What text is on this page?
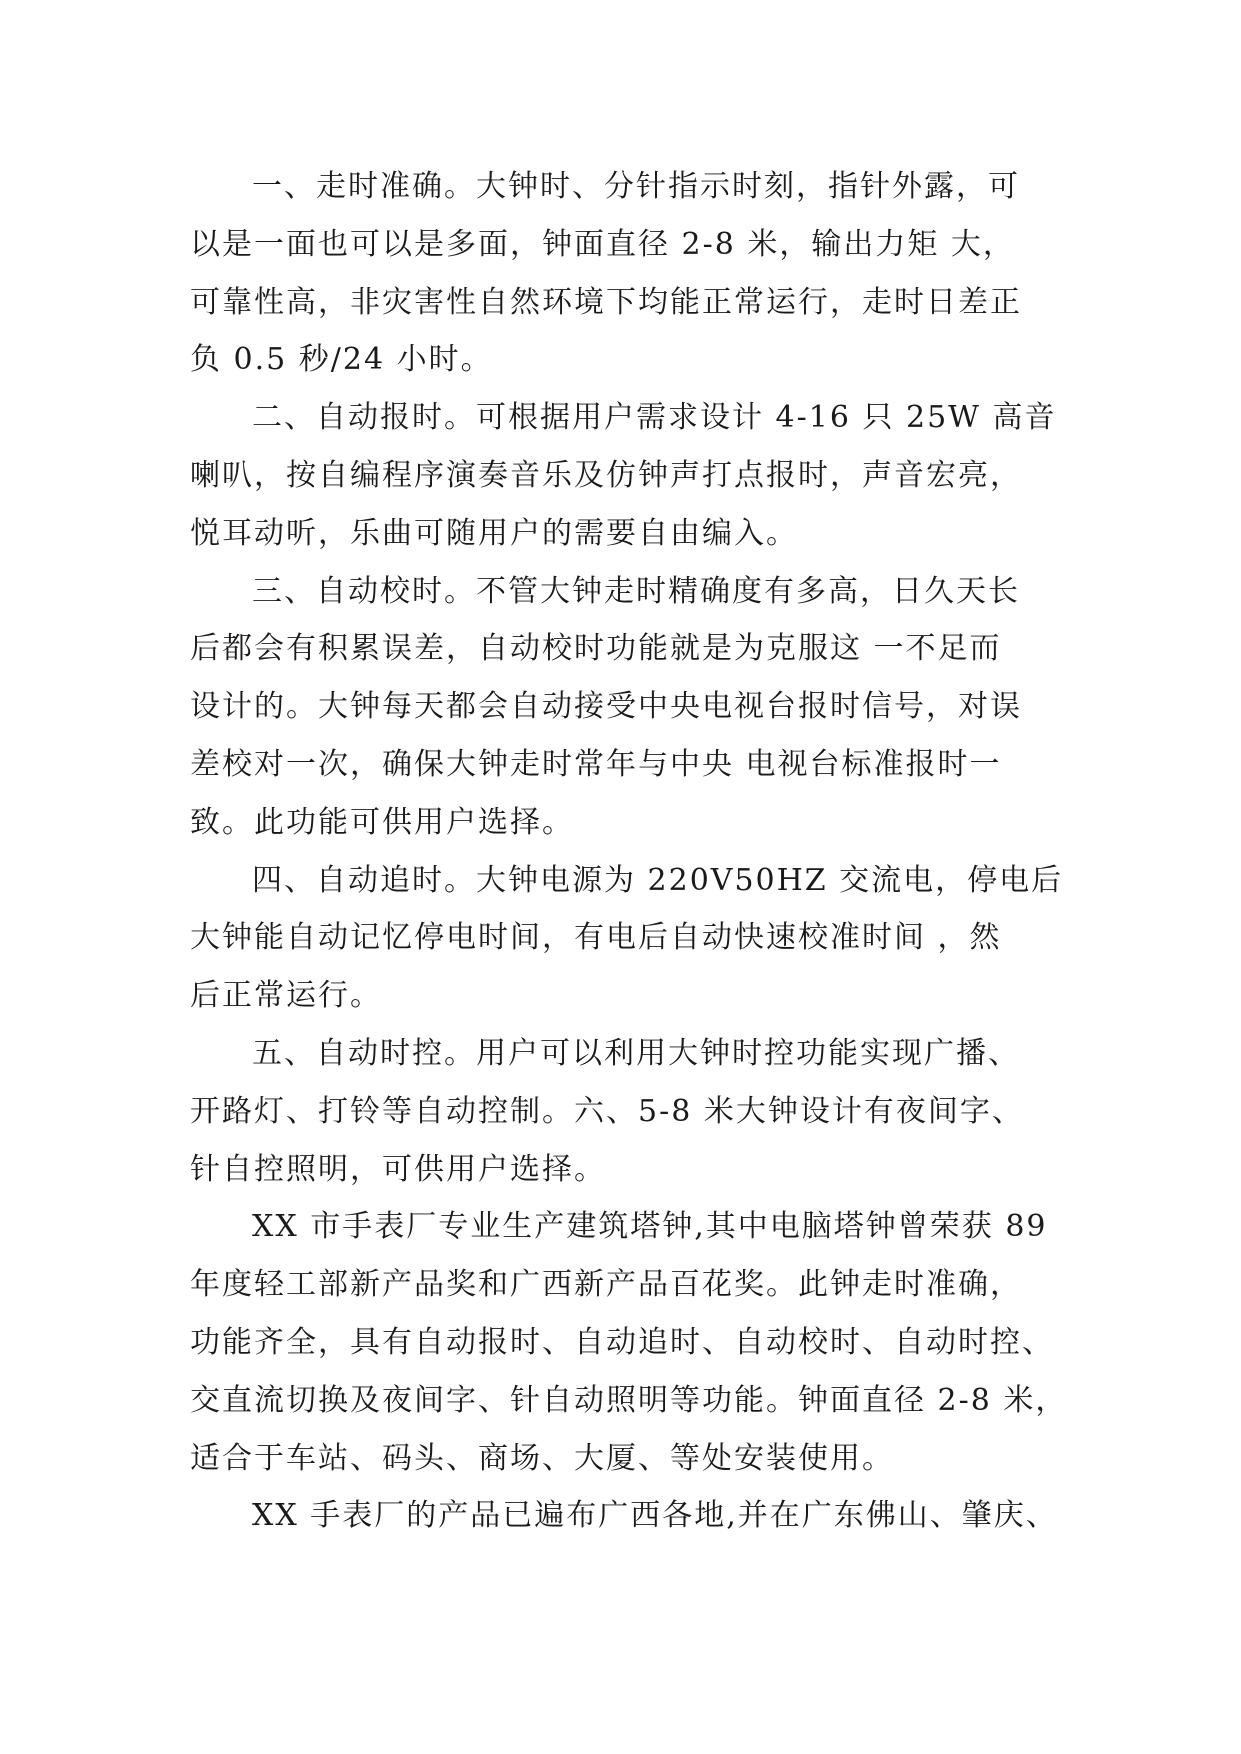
一、走时准确。大钟时、分针指示时刻，指针外露，可
以是一面也可以是多面，钟面直径 2-8 米，输出力矩 大，
可靠性高，非灾害性自然环境下均能正常运行，走时日差正
负 0.5 秒/24 小时。
二、自动报时。可根据用户需求设计 4-16 只 25W 高音
喇叭，按自编程序演奏音乐及仿钟声打点报时，声音宏亮，
悦耳动听，乐曲可随用户的需要自由编入。
三、自动校时。不管大钟走时精确度有多高，日久天长
后都会有积累误差，自动校时功能就是为克服这 一不足而
设计的。大钟每天都会自动接受中央电视台报时信号，对误
差校对一次，确保大钟走时常年与中央 电视台标准报时一
致。此功能可供用户选择。
四、自动追时。大钟电源为 220V50HZ 交流电，停电后
大钟能自动记忆停电时间，有电后自动快速校准时间 ，然
后正常运行。
五、自动时控。用户可以利用大钟时控功能实现广播、
开路灯、打铃等自动控制。六、5-8 米大钟设计有夜间字、
针自控照明，可供用户选择。
XX 市手表厂专业生产建筑塔钟,其中电脑塔钟曾荣获 89
年度轻工部新产品奖和广西新产品百花奖。此钟走时准确，
功能齐全，具有自动报时、自动追时、自动校时、自动时控、
交直流切换及夜间字、针自动照明等功能。钟面直径 2-8 米，
适合于车站、码头、商场、大厦、等处安装使用。
XX 手表厂的产品已遍布广西各地,并在广东佛山、肇庆、
